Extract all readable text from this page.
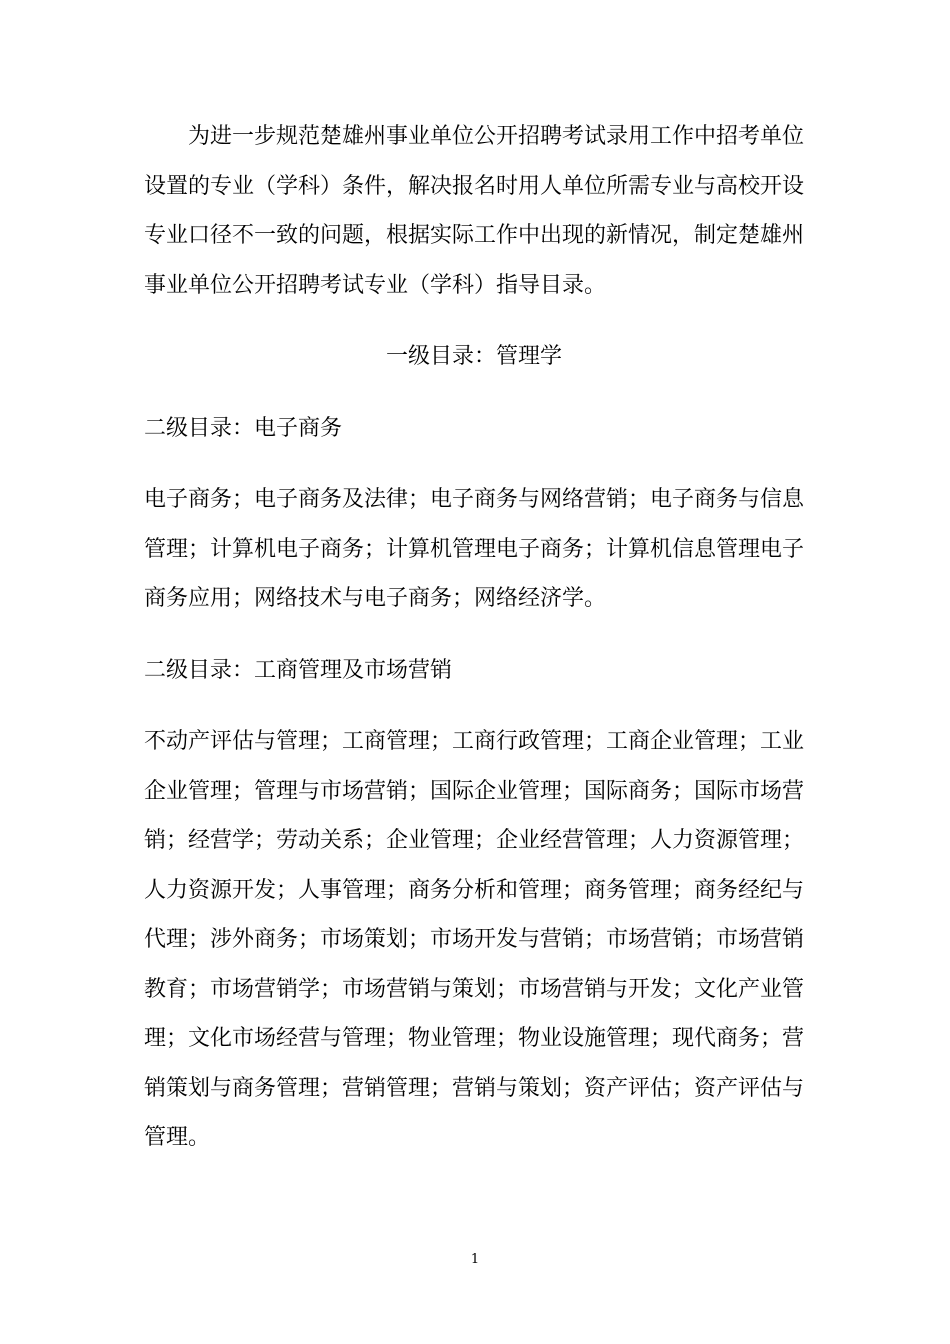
为进一步规范楚雄州事业单位公开招聘考试录用工作中招考单位设置的专业（学科）条件，解决报名时用人单位所需专业与高校开设专业口径不一致的问题，根据实际工作中出现的新情况，制定楚雄州事业单位公开招聘考试专业（学科）指导目录。

一级目录：管理学

二级目录：电子商务

电子商务；电子商务及法律；电子商务与网络营销；电子商务与信息管理；计算机电子商务；计算机管理电子商务；计算机信息管理电子商务应用；网络技术与电子商务；网络经济学。

二级目录：工商管理及市场营销

不动产评估与管理；工商管理；工商行政管理；工商企业管理；工业企业管理；管理与市场营销；国际企业管理；国际商务；国际市场营销；经营学；劳动关系；企业管理；企业经营管理；人力资源管理；人力资源开发；人事管理；商务分析和管理；商务管理；商务经纪与代理；涉外商务；市场策划；市场开发与营销；市场营销；市场营销教育；市场营销学；市场营销与策划；市场营销与开发；文化产业管理；文化市场经营与管理；物业管理；物业设施管理；现代商务；营销策划与商务管理；营销管理；营销与策划；资产评估；资产评估与管理。

1
